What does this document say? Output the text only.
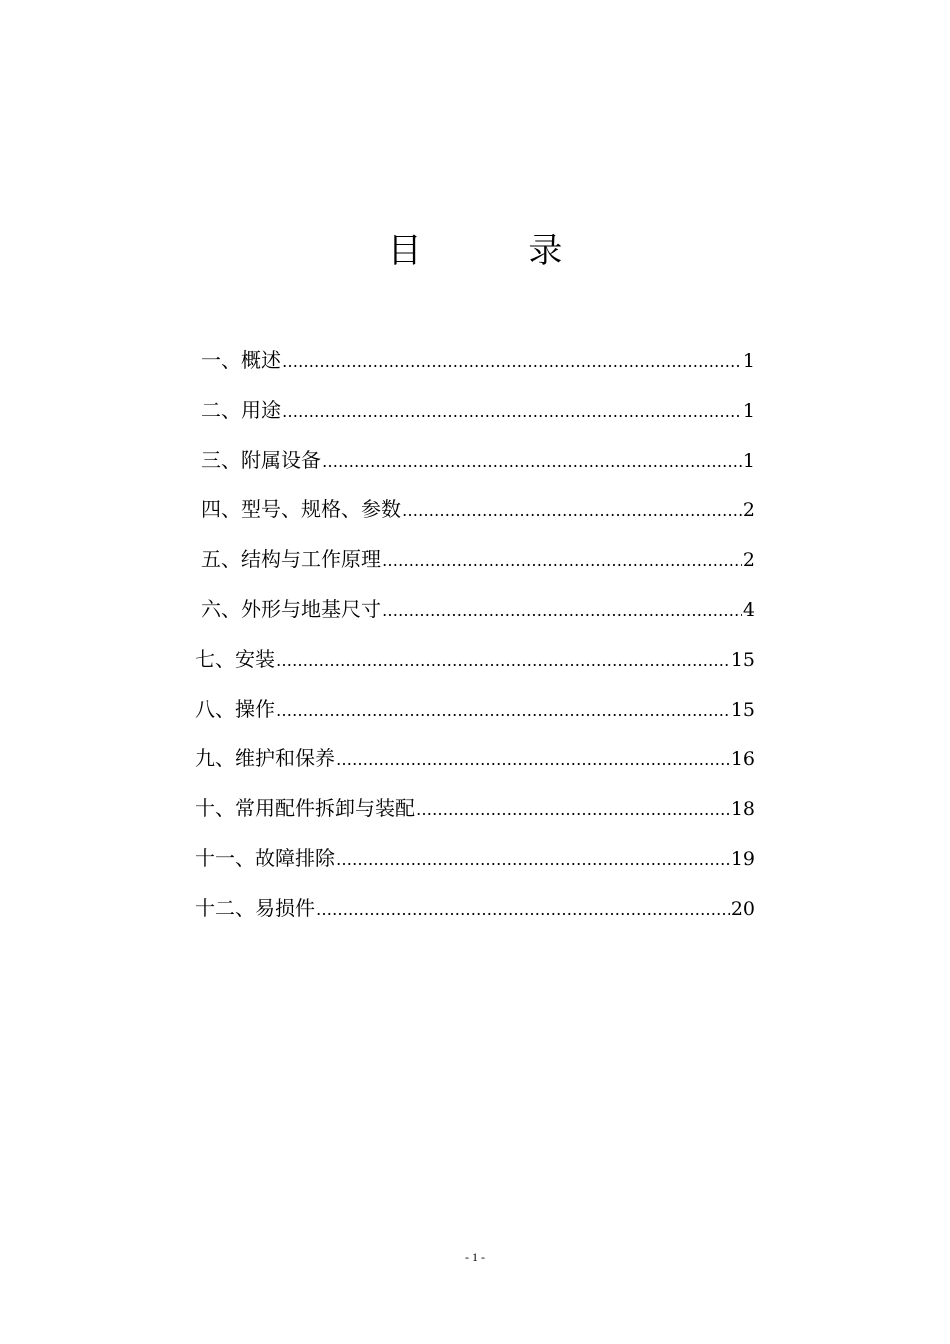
目 录
一、概述 …………………………………………………………………………………………………………………………………	1
二、用途 …………………………………………………………………………………………………………………………………	1
三、附属设备 …………………………………………………………………………………………………………………………………	1
四、型号、规格、参数 …………………………………………………………………………………………………………………………………	2
五、结构与工作原理 …………………………………………………………………………………………………………………………………	2
六、外形与地基尺寸 …………………………………………………………………………………………………………………………………	4
七、安装 …………………………………………………………………………………………………………………………………	15
八、操作 …………………………………………………………………………………………………………………………………	15
九、维护和保养 …………………………………………………………………………………………………………………………………	16
十、常用配件拆卸与装配 …………………………………………………………………………………………………………………………………	18
十一、故障排除 …………………………………………………………………………………………………………………………………	19
十二、易损件 …………………………………………………………………………………………………………………………………	20
- 1 -
